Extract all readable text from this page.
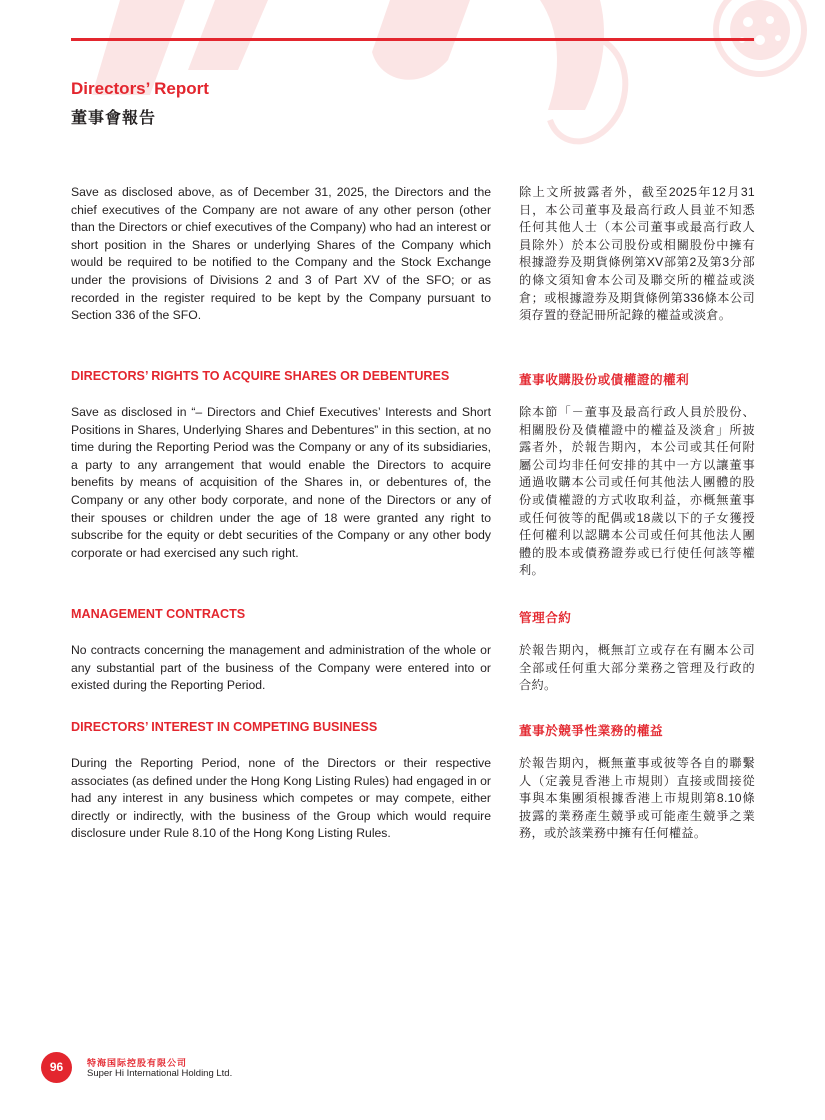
Directors’ Report
董事會報告

Save as disclosed above, as of December 31, 2025, the Directors and the chief executives of the Company are not aware of any other person (other than the Directors or chief executives of the Company) who had an interest or short position in the Shares or underlying Shares of the Company which would be required to be notified to the Company and the Stock Exchange under the provisions of Divisions 2 and 3 of Part XV of the SFO; or as recorded in the register required to be kept by the Company pursuant to Section 336 of the SFO.

除上文所披露者外，截至2025年12月31日，本公司董事及最高行政人員並不知悉任何其他人士（本公司董事或最高行政人員除外）於本公司股份或相關股份中擁有根據證券及期貨條例第XV部第2及第3分部的條文須知會本公司及聯交所的權益或淡倉；或根據證券及期貨條例第336條本公司須存置的登記冊所記錄的權益或淡倉。

DIRECTORS’ RIGHTS TO ACQUIRE SHARES OR DEBENTURES	董事收購股份或債權證的權利

Save as disclosed in “– Directors and Chief Executives’ Interests and Short Positions in Shares, Underlying Shares and Debentures” in this section, at no time during the Reporting Period was the Company or any of its subsidiaries, a party to any arrangement that would enable the Directors to acquire benefits by means of acquisition of the Shares in, or debentures of, the Company or any other body corporate, and none of the Directors or any of their spouses or children under the age of 18 were granted any right to subscribe for the equity or debt securities of the Company or any other body corporate or had exercised any such right.

除本節「－董事及最高行政人員於股份、相關股份及債權證中的權益及淡倉」所披露者外，於報告期內，本公司或其任何附屬公司均非任何安排的其中一方以讓董事通過收購本公司或任何其他法人團體的股份或債權證的方式收取利益，亦概無董事或任何彼等的配偶或18歲以下的子女獲授任何權利以認購本公司或任何其他法人團體的股本或債務證券或已行使任何該等權利。

MANAGEMENT CONTRACTS	管理合約

No contracts concerning the management and administration of the whole or any substantial part of the business of the Company were entered into or existed during the Reporting Period.

於報告期內，概無訂立或存在有關本公司全部或任何重大部分業務之管理及行政的合約。

DIRECTORS’ INTEREST IN COMPETING BUSINESS	董事於競爭性業務的權益

During the Reporting Period, none of the Directors or their respective associates (as defined under the Hong Kong Listing Rules) had engaged in or had any interest in any business which competes or may compete, either directly or indirectly, with the business of the Group which would require disclosure under Rule 8.10 of the Hong Kong Listing Rules.

於報告期內，概無董事或彼等各自的聯繫人（定義見香港上市規則）直接或間接從事與本集團須根據香港上市規則第8.10條披露的業務產生競爭或可能產生競爭之業務，或於該業務中擁有任何權益。

96	特海国际控股有限公司
Super Hi International Holding Ltd.
